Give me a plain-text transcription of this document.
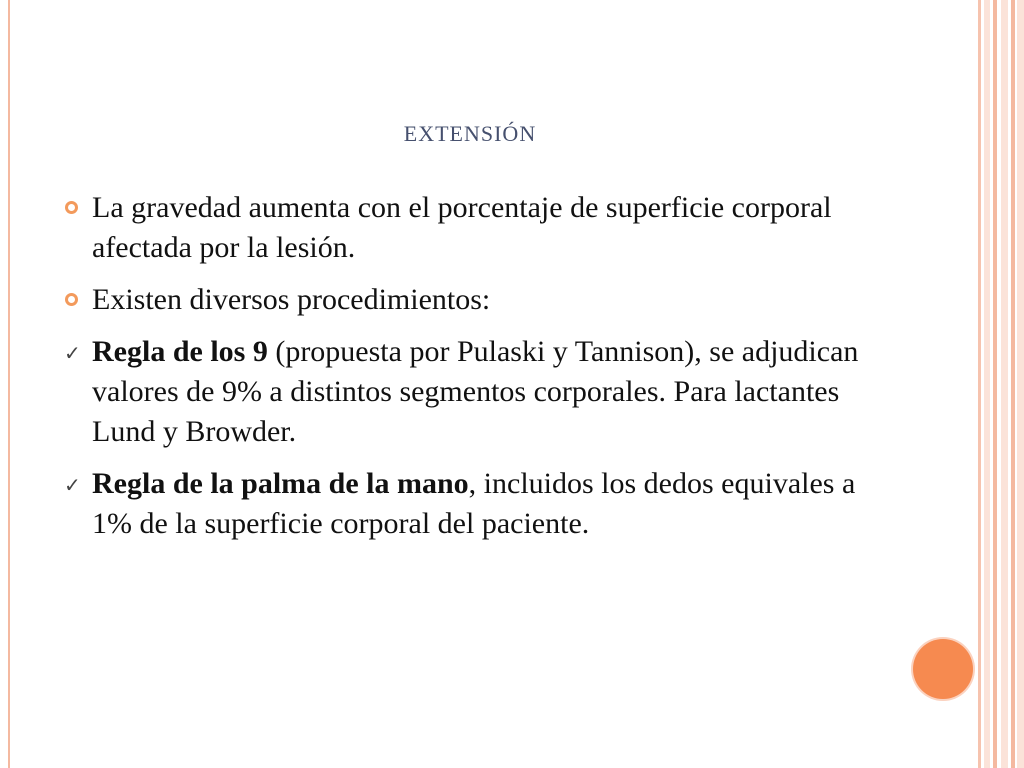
extensión
La gravedad aumenta con el porcentaje de superficie corporal afectada por la lesión.
Existen diversos procedimientos:
✓ Regla de los 9 (propuesta por Pulaski y Tannison), se adjudican valores de 9% a distintos segmentos corporales. Para lactantes Lund y Browder.
✓ Regla de la palma de la mano, incluidos los dedos equivales a 1% de la superficie corporal del paciente.
